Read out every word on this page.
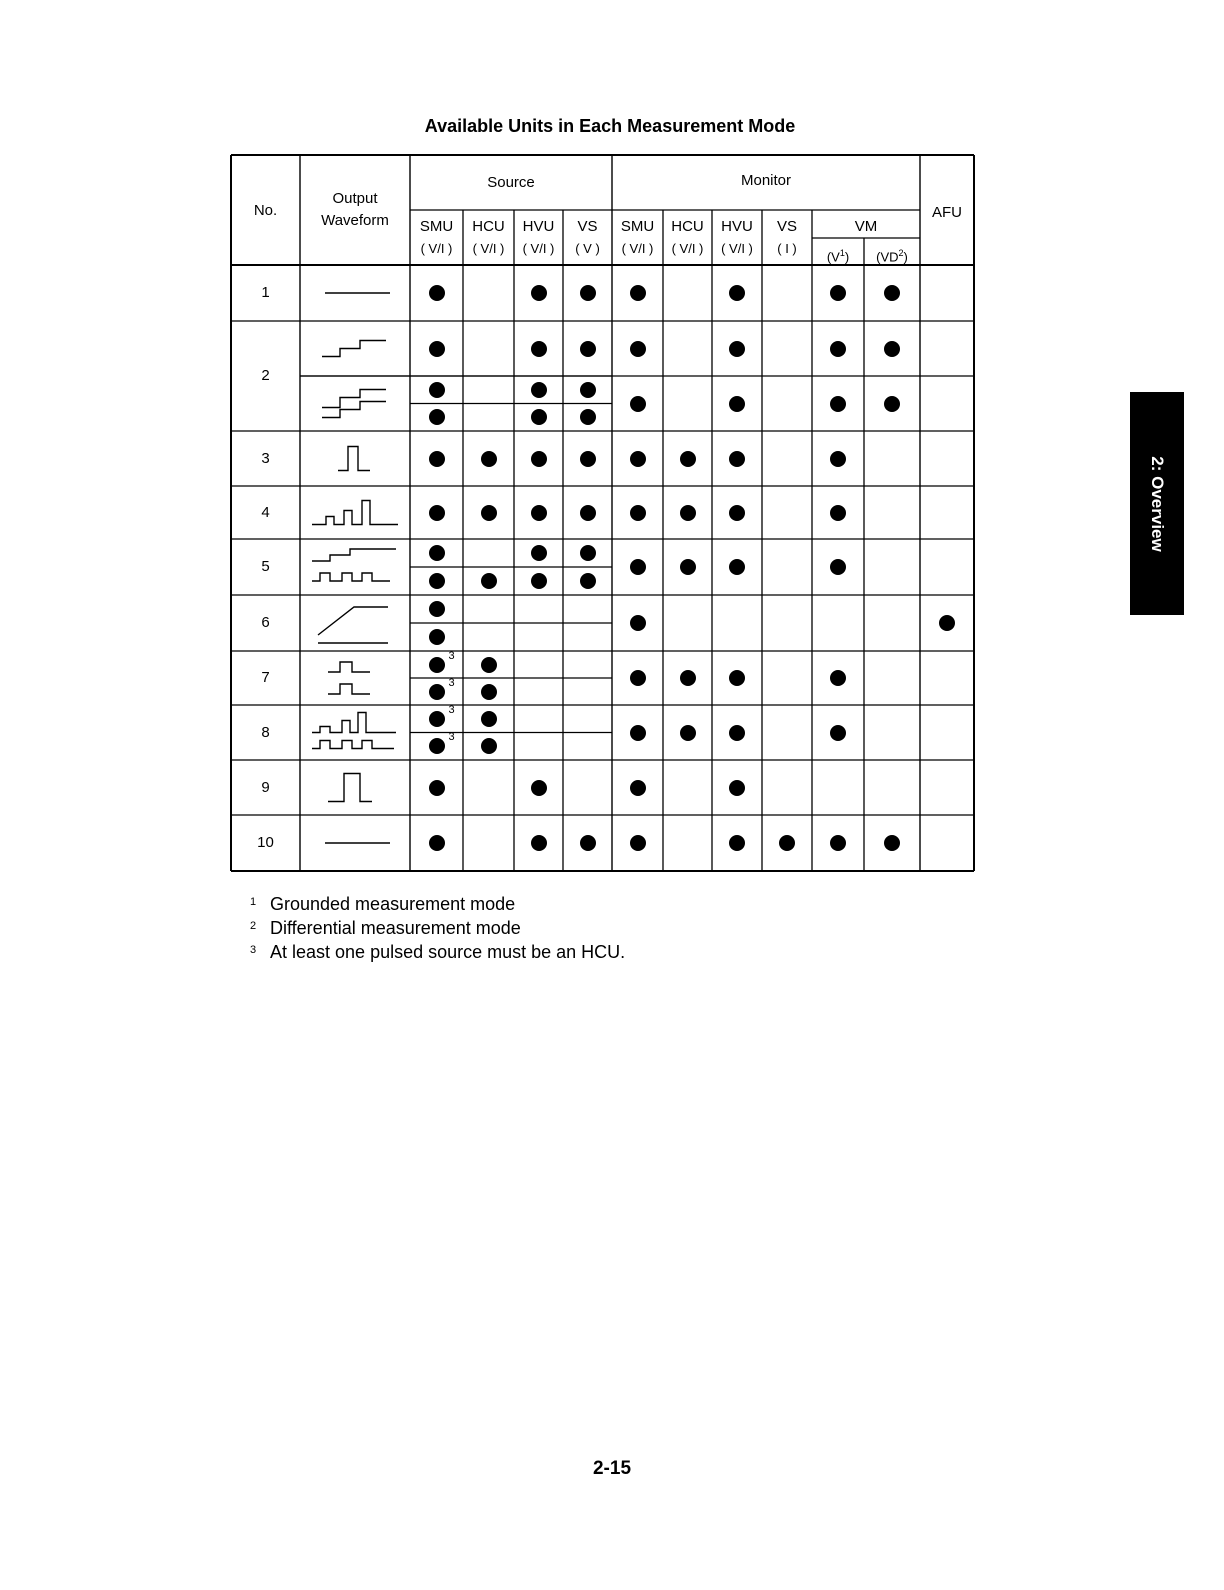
Available Units in Each Measurement Mode
No.
Output
Waveform
Source	Monitor
AFU
VM
SMU
( V/I )
HCU
( V/I )
HVU
( V/I )
VS
( V )
SMU
( V/I )
HCU
( V/I )
HVU
( V/I )
VS
( I )
$(V^1)$ $(VD^2)$
1
2
3
4
5
6
7
3
3
8
3
3
9
10
1 Grounded measurement mode
2 Differential measurement mode
3 At least one pulsed source must be an HCU.
2: Overview
2-15
